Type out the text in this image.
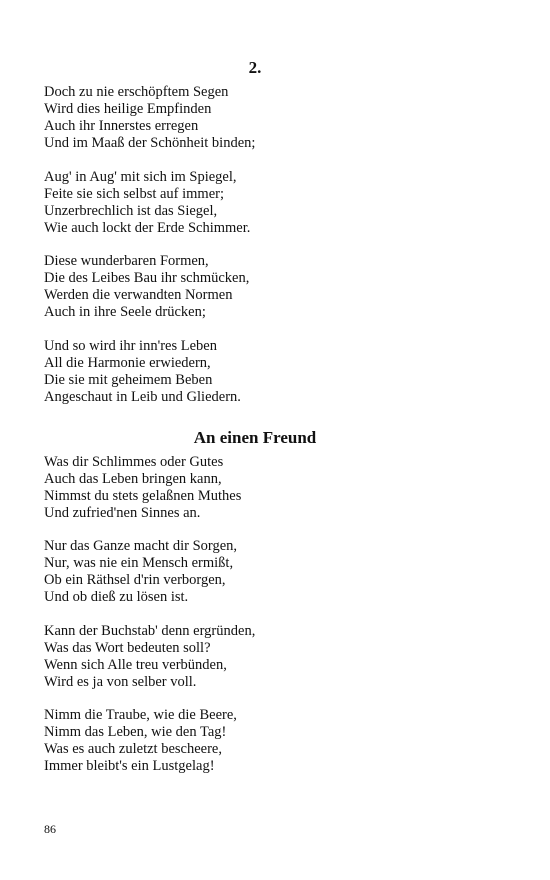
2.
Doch zu nie erschöpftem Segen
Wird dies heilige Empfinden
Auch ihr Innerstes erregen
Und im Maaß der Schönheit binden;
Aug' in Aug' mit sich im Spiegel,
Feite sie sich selbst auf immer;
Unzerbrechlich ist das Siegel,
Wie auch lockt der Erde Schimmer.
Diese wunderbaren Formen,
Die des Leibes Bau ihr schmücken,
Werden die verwandten Normen
Auch in ihre Seele drücken;
Und so wird ihr inn'res Leben
All die Harmonie erwiedern,
Die sie mit geheimem Beben
Angeschaut in Leib und Gliedern.
An einen Freund
Was dir Schlimmes oder Gutes
Auch das Leben bringen kann,
Nimmst du stets gelaßnen Muthes
Und zufried'nen Sinnes an.
Nur das Ganze macht dir Sorgen,
Nur, was nie ein Mensch ermißt,
Ob ein Räthsel d'rin verborgen,
Und ob dieß zu lösen ist.
Kann der Buchstab' denn ergründen,
Was das Wort bedeuten soll?
Wenn sich Alle treu verbünden,
Wird es ja von selber voll.
Nimm die Traube, wie die Beere,
Nimm das Leben, wie den Tag!
Was es auch zuletzt bescheere,
Immer bleibt's ein Lustgelag!
86
